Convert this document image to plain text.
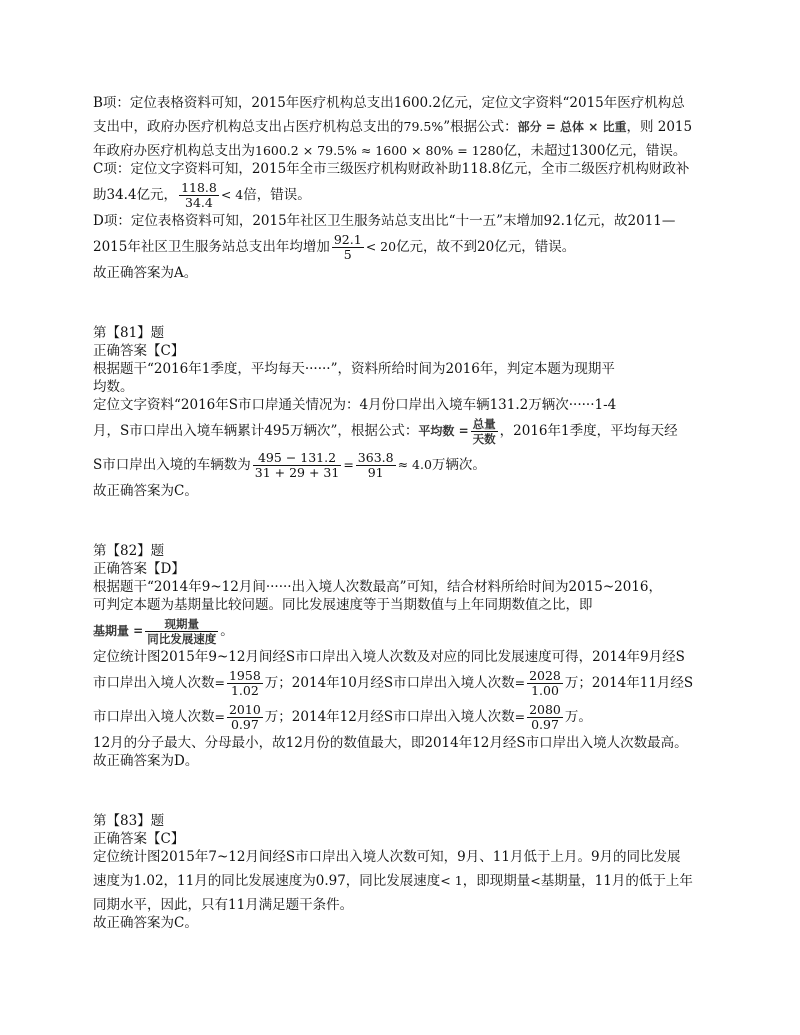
B项：定位表格资料可知，2015年医疗机构总支出1600.2亿元，定位文字资料“2015年医疗机构总
支出中，政府办医疗机构总支出占医疗机构总支出的79.5%”根据公式：部分 = 总体 × 比重，则 2015
年政府办医疗机构总支出为1600.2 × 79.5% ≈ 1600 × 80% = 1280亿，未超过1300亿元，错误。
C项：定位文字资料可知，2015年全市三级医疗机构财政补助118.8亿元，全市二级医疗机构财政补
助34.4亿元， $\frac{118.8}{34.4} < 4$倍，错误。
D项：定位表格资料可知，2015年社区卫生服务站总支出比“十一五”末增加92.1亿元，故2011—
2015年社区卫生服务站总支出年均增加 $\frac{92.1}{5} < 20$亿元，故不到20亿元，错误。
故正确答案为A。
第【81】题
正确答案【C】
根据题干“2016年1季度，平均每天······”，资料所给时间为2016年，判定本题为现期平
均数。
定位文字资料“2016年S市口岸通关情况为：4月份口岸出入境车辆131.2万辆次······1-4
月，S市口岸出入境车辆累计495万辆次”，根据公式：平均数 = $\frac{\text{总量}}{\text{天数}}$ ，2016年1季度，平均每天经
S市口岸出入境的车辆数为 $\frac{495 - 131.2}{31 + 29 + 31} = \frac{363.8}{91} \approx 4.0$万辆次。
故正确答案为C。
第【82】题
正确答案【D】
根据题干“2014年9~12月间······出入境人次数最高”可知，结合材料所给时间为2015~2016，
可判定本题为基期量比较问题。同比发展速度等于当期数值与上年同期数值之比，即
基期量 = $\frac{\text{现期量}}{\text{同比发展速度}}$ 。
定位统计图2015年9~12月间经S市口岸出入境人次数及对应的同比发展速度可得，2014年9月经S
市口岸出入境人次数= $\frac{1958}{1.02}$ 万；2014年10月经S市口岸出入境人次数= $\frac{2028}{1.00}$ 万；2014年11月经S
市口岸出入境人次数= $\frac{2010}{0.97}$ 万；2014年12月经S市口岸出入境人次数= $\frac{2080}{0.97}$ 万。
12月的分子最大、分母最小，故12月份的数值最大，即2014年12月经S市口岸出入境人次数最高。
故正确答案为D。
第【83】题
正确答案【C】
定位统计图2015年7~12月间经S市口岸出入境人次数可知，9月、11月低于上月。9月的同比发展
速度为1.02，11月的同比发展速度为0.97，同比发展速度< 1，即现期量<基期量，11月的低于上年
同期水平，因此，只有11月满足题干条件。
故正确答案为C。
